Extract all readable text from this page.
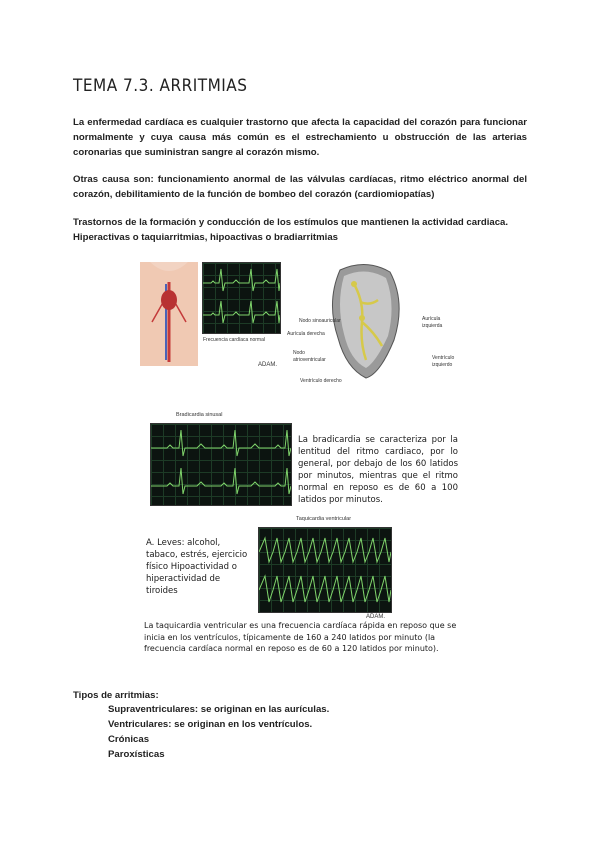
TEMA 7.3. ARRITMIAS
La enfermedad cardíaca es cualquier trastorno que afecta la capacidad del corazón para funcionar normalmente y cuya causa más común es el estrechamiento u obstrucción de las arterias coronarias que suministran sangre al corazón mismo.
Otras causa son: funcionamiento anormal de las válvulas cardíacas, ritmo eléctrico anormal del corazón, debilitamiento de la función de bombeo del corazón (cardiomiopatías)
Trastornos de la formación y conducción de los estímulos que mantienen la actividad cardiaca. Hiperactivas o taquiarritmias, hipoactivas o bradiarritmias
Frecuencia cardíaca normal
ADAM.
Nodo sinoauricular
Aurícula derecha
Nodo atrioventricular
Ventrículo derecho
Aurícula izquierda
Ventrículo izquierdo
Bradicardia sinusal
La bradicardia se caracteriza por la lentitud del ritmo cardiaco, por lo general, por debajo de los 60 latidos por minutos, mientras que el ritmo normal en reposo es de 60 a 100 latidos por minutos.
Taquicardia ventricular
A. Leves: alcohol, tabaco, estrés, ejercicio físico Hipoactividad o hiperactividad de tiroides
ADAM.
La taquicardia ventricular es una frecuencia cardíaca rápida en reposo que se inicia en los ventrículos, típicamente de 160 a 240 latidos por minuto (la frecuencia cardíaca normal en reposo es de 60 a 120 latidos por minuto).
Tipos de arritmias:
Supraventriculares: se originan en las aurículas.
Ventriculares: se originan en los ventrículos.
Crónicas
Paroxísticas
